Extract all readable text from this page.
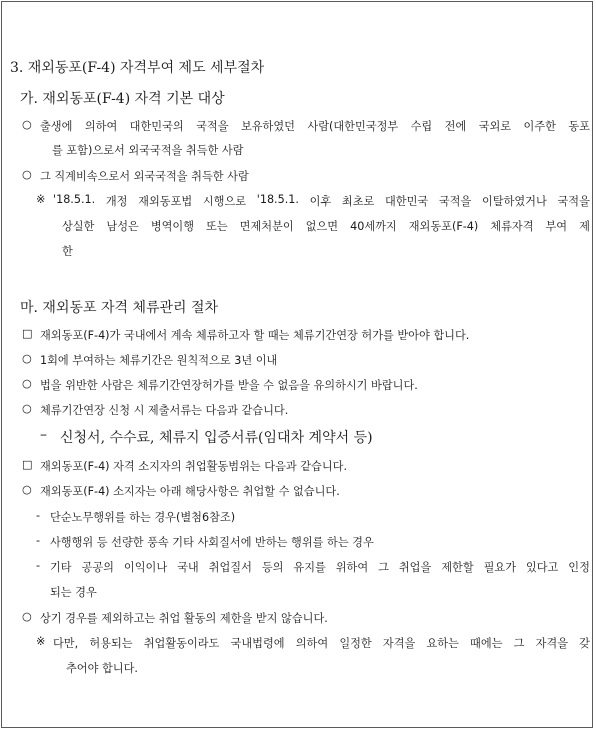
3. 재외동포(F-4) 자격부여 제도 세부절차
가. 재외동포(F-4) 자격 기본 대상
○ 출생에 의하여 대한민국의 국적을 보유하였던 사람(대한민국정부 수립 전에 국외로 이주한 동포
를 포함)으로서 외국국적을 취득한 사람
○ 그 직계비속으로서 외국국적을 취득한 사람
※ '18.5.1. 개정 재외동포법 시행으로 '18.5.1. 이후 최초로 대한민국 국적을 이탈하였거나 국적을
상실한 남성은 병역이행 또는 면제처분이 없으면 40세까지 재외동포(F-4) 체류자격 부여 제
한
마. 재외동포 자격 체류관리 절차
□ 재외동포(F-4)가 국내에서 계속 체류하고자 할 때는 체류기간연장 허가를 받아야 합니다.
○ 1회에 부여하는 체류기간은 원칙적으로 3년 이내
○ 법을 위반한 사람은 체류기간연장허가를 받을 수 없음을 유의하시기 바랍니다.
○ 체류기간연장 신청 시 제출서류는 다음과 같습니다.
– 신청서, 수수료, 체류지 입증서류(임대차 계약서 등)
□ 재외동포(F-4) 자격 소지자의 취업활동범위는 다음과 같습니다.
○ 재외동포(F-4) 소지자는 아래 해당사항은 취업할 수 없습니다.
- 단순노무행위를 하는 경우(별첨6참조)
- 사행행위 등 선량한 풍속 기타 사회질서에 반하는 행위를 하는 경우
- 기타 공공의 이익이나 국내 취업질서 등의 유지를 위하여 그 취업을 제한할 필요가 있다고 인정
되는 경우
○ 상기 경우를 제외하고는 취업 활동의 제한을 받지 않습니다.
※ 다만, 허용되는 취업활동이라도 국내법령에 의하여 일정한 자격을 요하는 때에는 그 자격을 갖
추어야 합니다.
